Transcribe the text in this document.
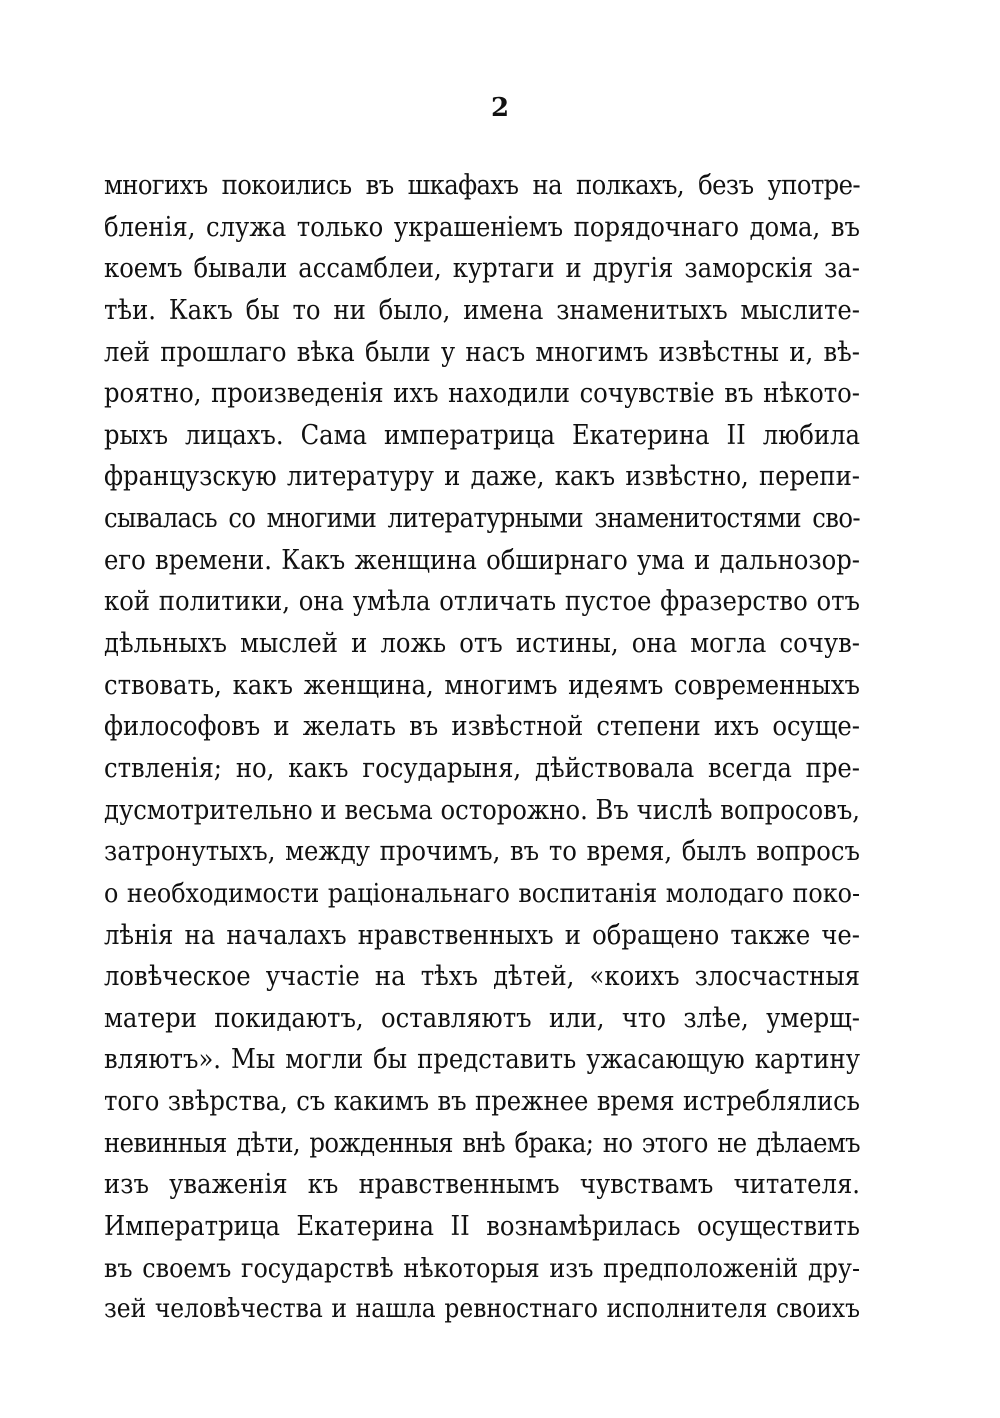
2
многихъ покоились въ шкафахъ на полкахъ, безъ употре-
бленія, служа только украшеніемъ порядочнаго дома, въ
коемъ бывали ассамблеи, куртаги и другія заморскія за-
тѣи. Какъ бы то ни было, имена знаменитыхъ мыслите-
лей прошлаго вѣка были у насъ многимъ извѣстны и, вѣ-
роятно, произведенія ихъ находили сочувствіе въ нѣкото-
рыхъ лицахъ. Сама императрица Екатерина II любила
французскую литературу и даже, какъ извѣстно, перепи-
сывалась со многими литературными знаменитостями сво-
его времени. Какъ женщина обширнаго ума и дальнозор-
кой политики, она умѣла отличать пустое фразерство отъ
дѣльныхъ мыслей и ложь отъ истины, она могла сочув-
ствовать, какъ женщина, многимъ идеямъ современныхъ
философовъ и желать въ извѣстной степени ихъ осуще-
ствленія; но, какъ государыня, дѣйствовала всегда пре-
дусмотрительно и весьма осторожно. Въ числѣ вопросовъ,
затронутыхъ, между прочимъ, въ то время, былъ вопросъ
о необходимости раціональнаго воспитанія молодаго поко-
лѣнія на началахъ нравственныхъ и обращено также че-
ловѣческое участіе на тѣхъ дѣтей, «коихъ злосчастныя
матери покидаютъ, оставляютъ или, что злѣе, умерщ-
вляютъ». Мы могли бы представить ужасающую картину
того звѣрства, съ какимъ въ прежнее время истреблялись
невинныя дѣти, рожденныя внѣ брака; но этого не дѣлаемъ
изъ уваженія къ нравственнымъ чувствамъ читателя.
Императрица Екатерина II вознамѣрилась осуществить
въ своемъ государствѣ нѣкоторыя изъ предположеній дру-
зей человѣчества и нашла ревностнаго исполнителя своихъ
